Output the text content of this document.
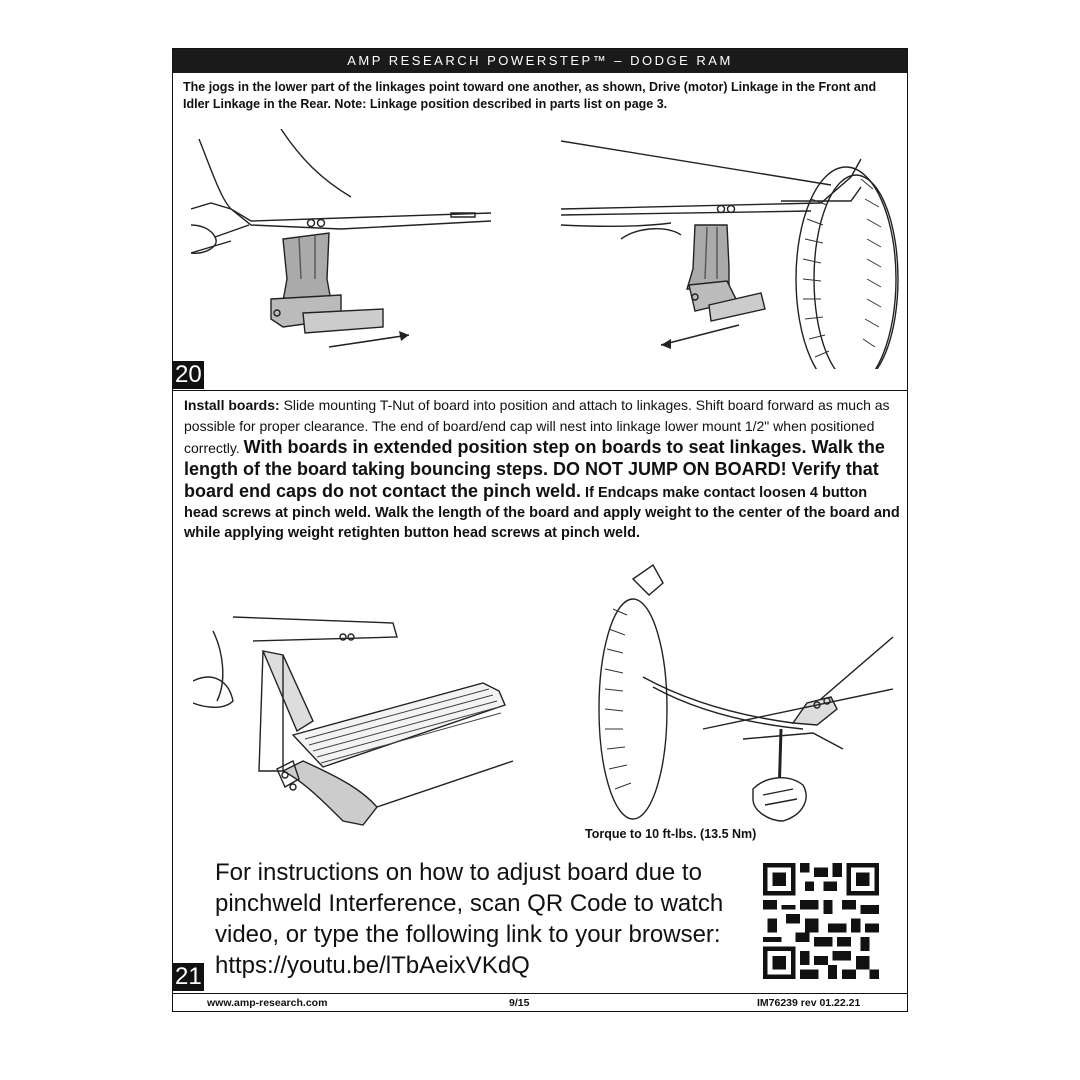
AMP RESEARCH POWERSTEP™ – DODGE RAM
The jogs in the lower part of the linkages point toward one another, as shown, Drive (motor) Linkage in the Front and Idler Linkage in the Rear. Note: Linkage position described in parts list on page 3.
20
Install boards: Slide mounting T-Nut of board into position and attach to linkages. Shift board forward as much as possible for proper clearance. The end of board/end cap will nest into linkage lower mount 1/2" when positioned correctly. With boards in extended position step on boards to seat linkages. Walk the length of the board taking bouncing steps. DO NOT JUMP ON BOARD! Verify that board end caps do not contact the pinch weld. If Endcaps make contact loosen 4 button head screws at pinch weld. Walk the length of the board and apply weight to the center of the board and while applying weight retighten button head screws at pinch weld.
Torque to 10 ft-lbs. (13.5 Nm)
For instructions on how to adjust board due to pinchweld Interference, scan QR Code to watch video, or type the following link to your browser: https://youtu.be/lTbAeixVKdQ
21
www.amp-research.com	9/15	IM76239 rev 01.22.21
